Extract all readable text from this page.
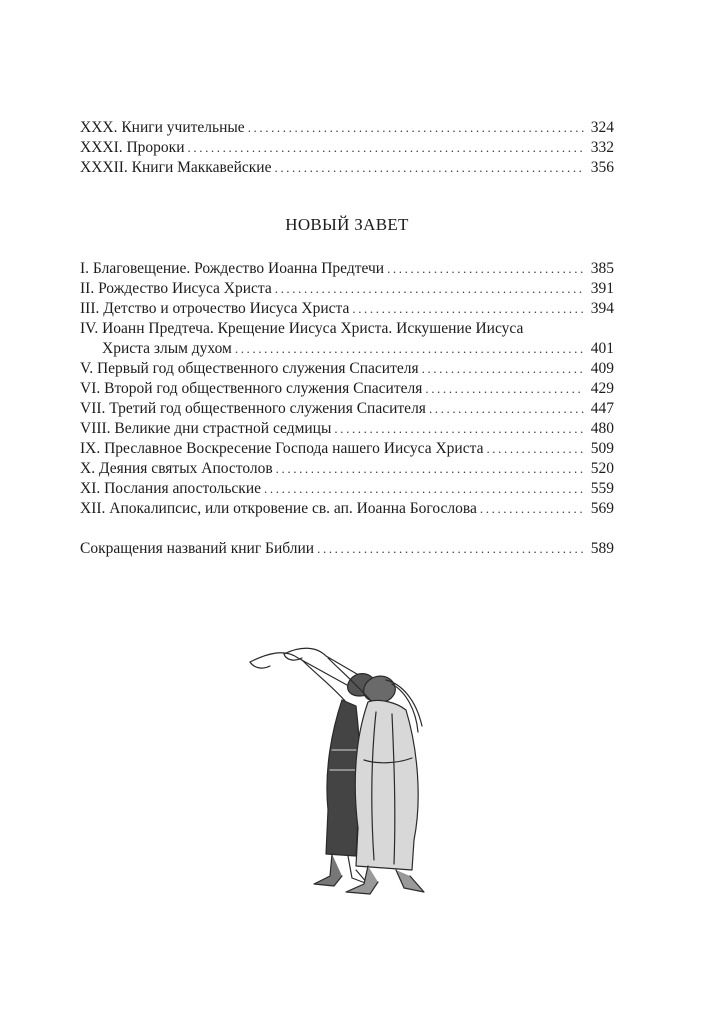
XXX. Книги учительные .....	324
XXXI. Пророки .....	332
XXXII. Книги Маккавейские .....	356
НОВЫЙ ЗАВЕТ
I. Благовещение. Рождество Иоанна Предтечи .....	385
II. Рождество Иисуса Христа .....	391
III. Детство и отрочество Иисуса Христа .....	394
IV. Иоанн Предтеча. Крещение Иисуса Христа. Искушение Иисуса
Христа злым духом .....	401
V. Первый год общественного служения Спасителя .....	409
VI. Второй год общественного служения Спасителя .....	429
VII. Третий год общественного служения Спасителя .....	447
VIII. Великие дни страстной седмицы .....	480
IX. Преславное Воскресение Господа нашего Иисуса Христа .....	509
X. Деяния святых Апостолов .....	520
XI. Послания апостольские .....	559
XII. Апокалипсис, или откровение св. ап. Иоанна Богослова .....	569
Сокращения названий книг Библии .....	589
